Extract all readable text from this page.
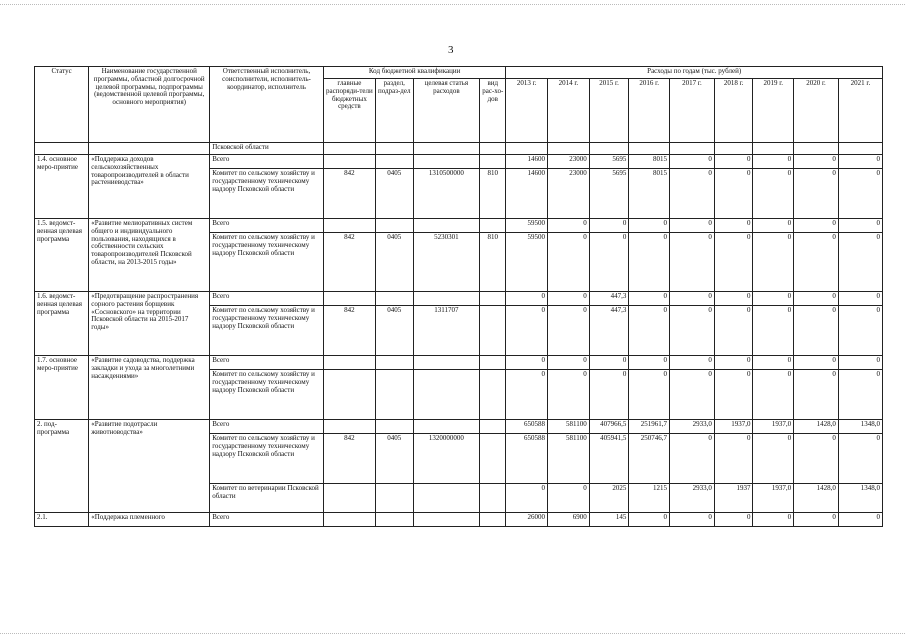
3
Статус	Наименование государственной программы, областной долгосрочной целевой программы, подпрограммы (ведомственной целевой программы, основного мероприятия)	Ответственный исполнитель, соисполнители, исполнитель-координатор, исполнитель	Код бюджетной квалификации				Расходы по годам (тыс. рублей)								
			главные распоряди-тели бюджетных средств	раздел, подраз-дел	целевая статья расходов	вид рас-хо-дов	2013 г.	2014 г.	2015 г.	2016 г.	2017 г.	2018 г.	2019 г.	2020 г.	2021 г.
		Псковской области													
1.4. основное меро-приятие	«Поддержка доходов сельскохозяйственных товаропроизводителей в области растениеводства»	Всего					14600	23000	5695	8015	0	0	0	0	0
		Комитет по сельскому хозяйству и государственному техническому надзору Псковской области	842	0405	1310500000	810	14600	23000	5695	8015	0	0	0	0	0
1.5. ведомст-венная целевая программа	«Развитие мелиоративных систем общего и индивидуального пользования, находящихся в собственности сельских товаропроизводителей Псковской области, на 2013-2015 годы»	Всего					59500	0	0	0	0	0	0	0	0
		Комитет по сельскому хозяйству и государственному техническому надзору Псковской области	842	0405	5230301	810	59500	0	0	0	0	0	0	0	0
1.6. ведомст-венная целевая программа	«Предотвращение распространения сорного растения борщевик «Сосновского» на территории Псковской области на 2015-2017 годы»	Всего					0	0	447,3	0	0	0	0	0	0
		Комитет по сельскому хозяйству и государственному техническому надзору Псковской области	842	0405	1311707		0	0	447,3	0	0	0	0	0	0
1.7. основное меро-приятие	«Развитие садоводства, поддержка закладки и ухода за многолетними насаждениями»	Всего					0	0	0	0	0	0	0	0	0
		Комитет по сельскому хозяйству и государственному техническому надзору Псковской области					0	0	0	0	0	0	0	0	0
2. под-программа	«Развитие подотрасли животноводства»	Всего					650588	581100	407966,5	251961,7	2933,0	1937,0	1937,0	1428,0	1348,0
		Комитет по сельскому хозяйству и государственному техническому надзору Псковской области	842	0405	1320000000		650588	581100	405941,5	250746,7	0	0	0	0	0
		Комитет по ветеринарии Псковской области					0	0	2025	1215	2933,0	1937	1937,0	1428,0	1348,0
2.1.	«Поддержка племенного	Всего					26000	6900	145	0	0	0	0	0	0
